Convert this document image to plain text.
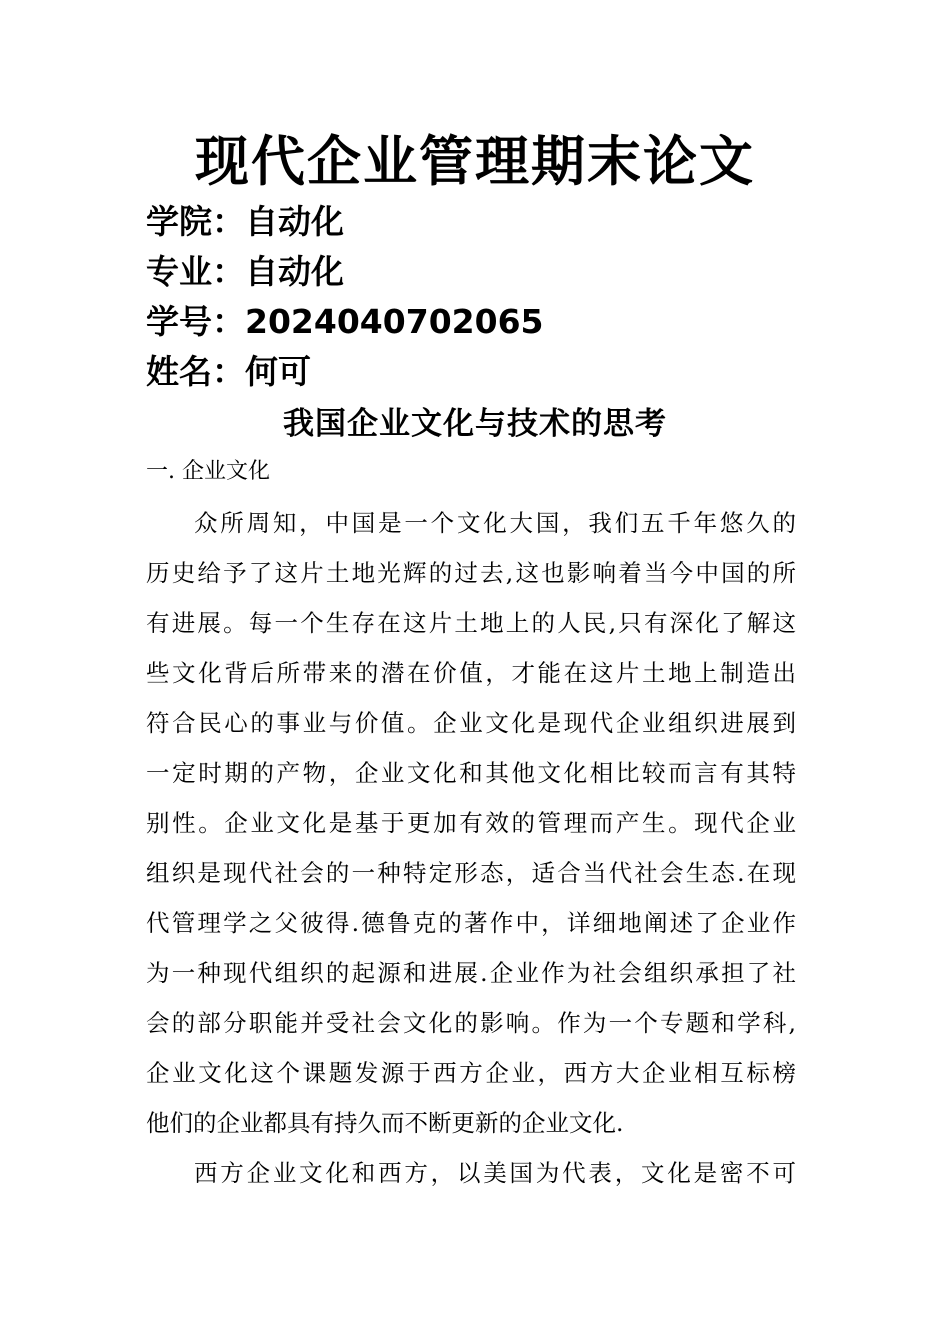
现代企业管理期末论文
学院：自动化
专业：自动化
学号：2024040702065
姓名：何可
我国企业文化与技术的思考
一. 企业文化
众所周知，中国是一个文化大国，我们五千年悠久的
历史给予了这片土地光辉的过去,这也影响着当今中国的所
有进展。每一个生存在这片土地上的人民,只有深化了解这
些文化背后所带来的潜在价值，才能在这片土地上制造出
符合民心的事业与价值。企业文化是现代企业组织进展到
一定时期的产物，企业文化和其他文化相比较而言有其特
别性。企业文化是基于更加有效的管理而产生。现代企业
组织是现代社会的一种特定形态，适合当代社会生态.在现
代管理学之父彼得.德鲁克的著作中，详细地阐述了企业作
为一种现代组织的起源和进展.企业作为社会组织承担了社
会的部分职能并受社会文化的影响。作为一个专题和学科,
企业文化这个课题发源于西方企业，西方大企业相互标榜
他们的企业都具有持久而不断更新的企业文化.
西方企业文化和西方，以美国为代表，文化是密不可
